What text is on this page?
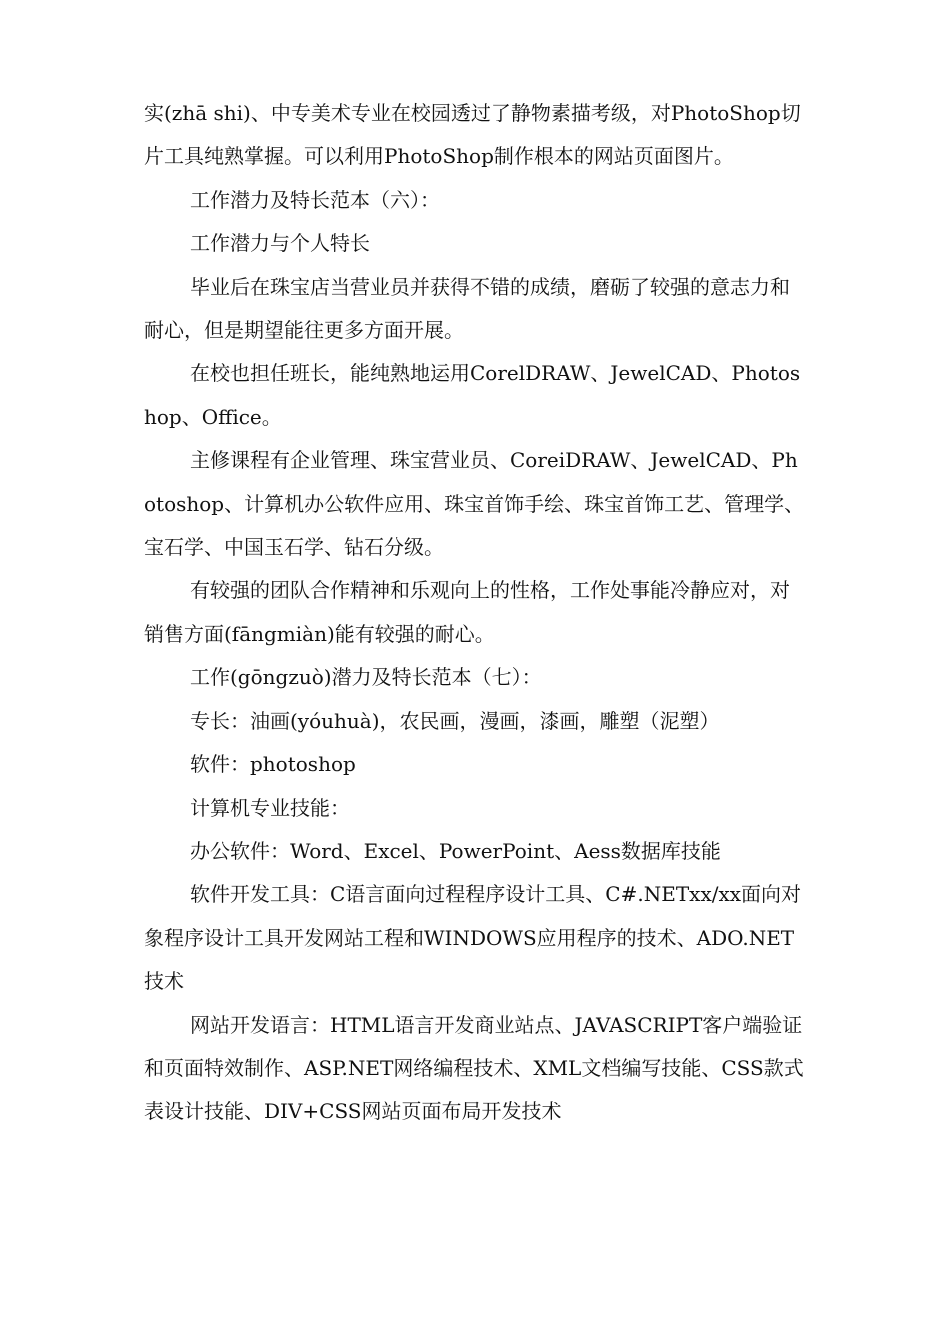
实(zhā shi)、中专美术专业在校园透过了静物素描考级，对PhotoShop切片工具纯熟掌握。可以利用PhotoShop制作根本的网站页面图片。

工作潜力及特长范本（六）：

工作潜力与个人特长

毕业后在珠宝店当营业员并获得不错的成绩，磨砺了较强的意志力和耐心，但是期望能往更多方面开展。

在校也担任班长，能纯熟地运用CorelDRAW、JewelCAD、Photoshop、Office。

主修课程有企业管理、珠宝营业员、CoreiDRAW、JewelCAD、Photoshop、计算机办公软件应用、珠宝首饰手绘、珠宝首饰工艺、管理学、宝石学、中国玉石学、钻石分级。

有较强的团队合作精神和乐观向上的性格，工作处事能冷静应对，对销售方面(fāngmiàn)能有较强的耐心。

工作(gōngzuò)潜力及特长范本（七）：

专长：油画(yóuhuà)，农民画，漫画，漆画，雕塑（泥塑）

软件：photoshop

计算机专业技能：

办公软件：Word、Excel、PowerPoint、Aess数据库技能

软件开发工具：C语言面向过程程序设计工具、C#.NETxx/xx面向对象程序设计工具开发网站工程和WINDOWS应用程序的技术、ADO.NET技术

网站开发语言：HTML语言开发商业站点、JAVASCRIPT客户端验证和页面特效制作、ASP.NET网络编程技术、XML文档编写技能、CSS款式表设计技能、DIV+CSS网站页面布局开发技术
